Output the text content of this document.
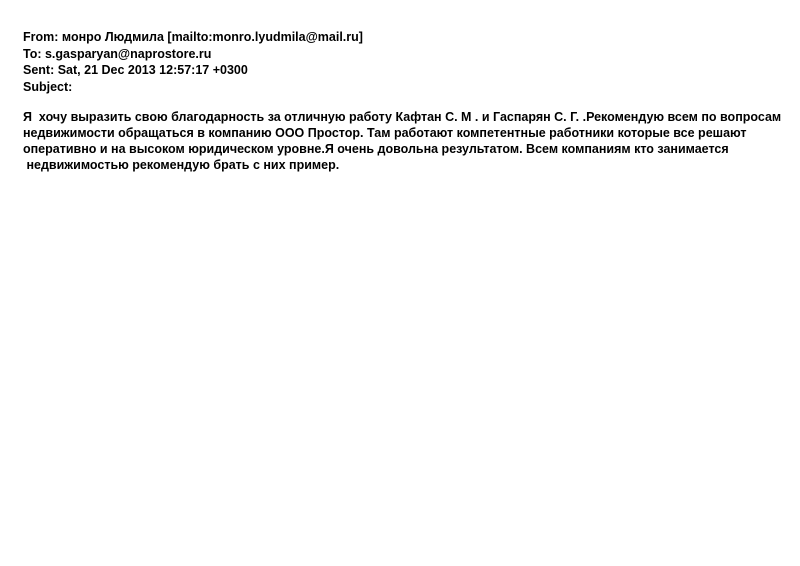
From: монро Людмила [mailto:monro.lyudmila@mail.ru]
To: s.gasparyan@naprostore.ru
Sent: Sat, 21 Dec 2013 12:57:17 +0300
Subject:
Я  хочу выразить свою благодарность за отличную работу Кафтан С. М . и Гаспарян С. Г. .Рекомендую всем по вопросам
недвижимости обращаться в компанию ООО Простор. Там работают компетентные работники которые все решают
оперативно и на высоком юридическом уровне.Я очень довольна результатом. Всем компаниям кто занимается
недвижимостью рекомендую брать с них пример.
